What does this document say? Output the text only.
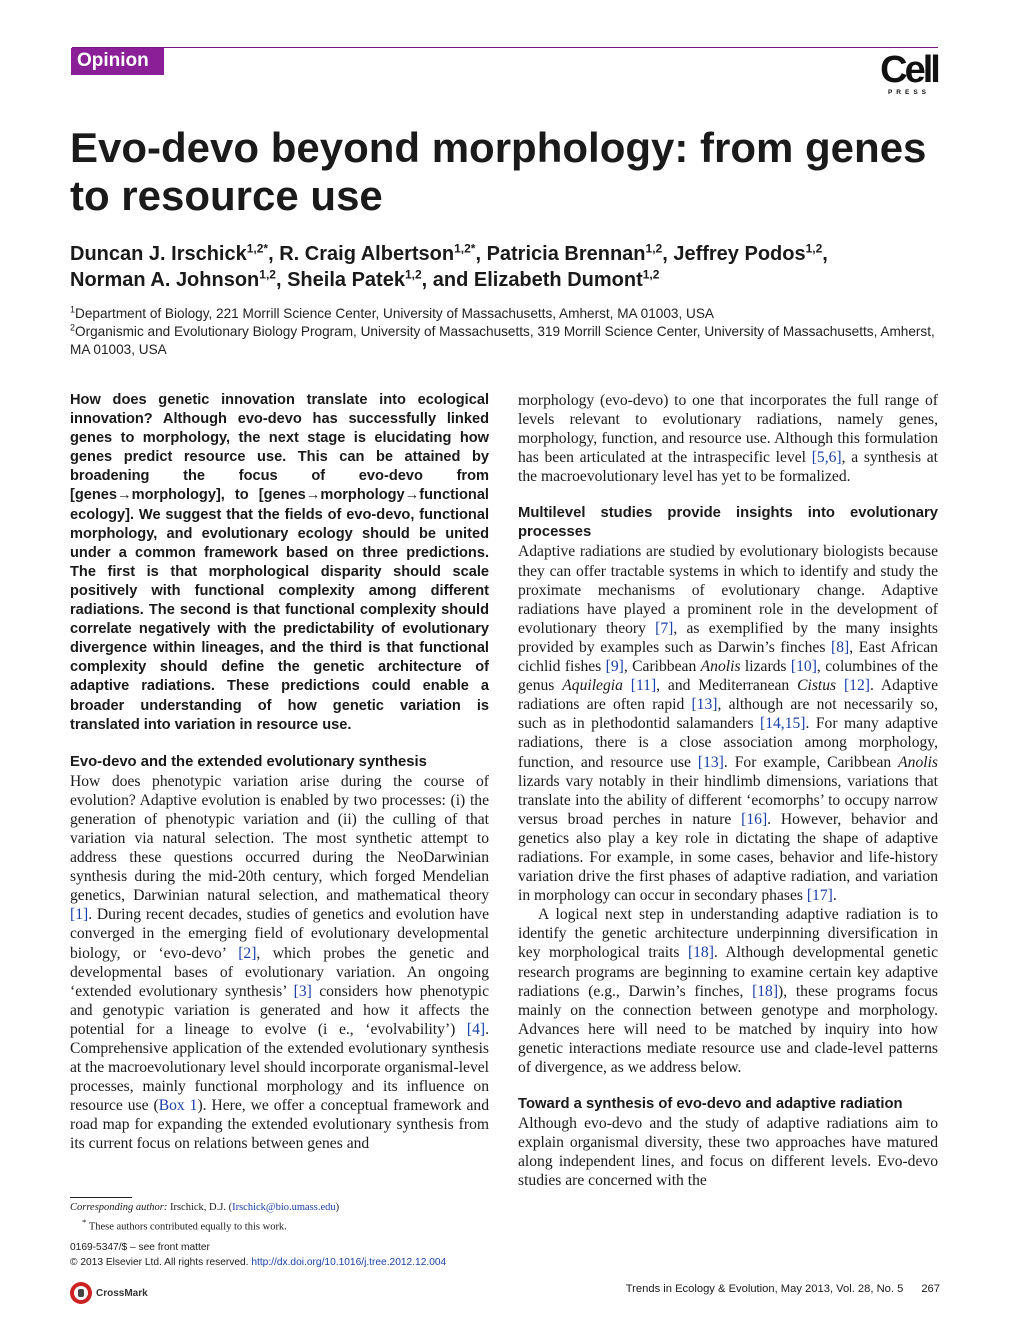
Opinion	Cell
PRESS
Evo-devo beyond morphology: from genes to resource use

Duncan J. Irschick$^{1,2*}$, R. Craig Albertson$^{1,2*}$, Patricia Brennan$^{1,2}$, Jeffrey Podos$^{1,2}$,
Norman A. Johnson$^{1,2}$, Sheila Patek$^{1,2}$, and Elizabeth Dumont$^{1,2}$

$^1$Department of Biology, 221 Morrill Science Center, University of Massachusetts, Amherst, MA 01003, USA
$^2$Organismic and Evolutionary Biology Program, University of Massachusetts, 319 Morrill Science Center, University of Massachusetts, Amherst, MA 01003, USA

How does genetic innovation translate into ecological innovation? Although evo-devo has successfully linked genes to morphology, the next stage is elucidating how genes predict resource use. This can be attained by broadening the focus of evo-devo from [genes→morphology], to [genes→morphology→functional ecology]. We suggest that the fields of evo-devo, functional morphology, and evolutionary ecology should be united under a common framework based on three predictions. The first is that morphological disparity should scale positively with functional complexity among different radiations. The second is that functional complexity should correlate negatively with the predictability of evolutionary divergence within lineages, and the third is that functional complexity should define the genetic architecture of adaptive radiations. These predictions could enable a broader understanding of how genetic variation is translated into variation in resource use.

Evo-devo and the extended evolutionary synthesis

How does phenotypic variation arise during the course of evolution? Adaptive evolution is enabled by two processes: (i) the generation of phenotypic variation and (ii) the culling of that variation via natural selection. The most synthetic attempt to address these questions occurred during the NeoDarwinian synthesis during the mid-20th century, which forged Mendelian genetics, Darwinian natural selection, and mathematical theory [1]. During recent decades, studies of genetics and evolution have converged in the emerging field of evolutionary developmental biology, or ‘evo-devo’ [2], which probes the genetic and developmental bases of evolutionary variation. An ongoing ‘extended evolutionary synthesis’ [3] considers how phenotypic and genotypic variation is generated and how it affects the potential for a lineage to evolve (i e., ‘evolvability’) [4]. Comprehensive application of the extended evolutionary synthesis at the macroevolutionary level should incorporate organismal-level processes, mainly functional morphology and its influence on resource use (Box 1). Here, we offer a conceptual framework and road map for expanding the extended evolutionary synthesis from its current focus on relations between genes and

morphology (evo-devo) to one that incorporates the full range of levels relevant to evolutionary radiations, namely genes, morphology, function, and resource use. Although this formulation has been articulated at the intraspecific level [5,6], a synthesis at the macroevolutionary level has yet to be formalized.

Multilevel studies provide insights into evolutionary processes

Adaptive radiations are studied by evolutionary biologists because they can offer tractable systems in which to identify and study the proximate mechanisms of evolutionary change. Adaptive radiations have played a prominent role in the development of evolutionary theory [7], as exemplified by the many insights provided by examples such as Darwin’s finches [8], East African cichlid fishes [9], Caribbean Anolis lizards [10], columbines of the genus Aquilegia [11], and Mediterranean Cistus [12]. Adaptive radiations are often rapid [13], although are not necessarily so, such as in plethodontid salamanders [14,15]. For many adaptive radiations, there is a close association among morphology, function, and resource use [13]. For example, Caribbean Anolis lizards vary notably in their hindlimb dimensions, variations that translate into the ability of different ‘ecomorphs’ to occupy narrow versus broad perches in nature [16]. However, behavior and genetics also play a key role in dictating the shape of adaptive radiations. For example, in some cases, behavior and life-history variation drive the first phases of adaptive radiation, and variation in morphology can occur in secondary phases [17].

A logical next step in understanding adaptive radiation is to identify the genetic architecture underpinning diversification in key morphological traits [18]. Although developmental genetic research programs are beginning to examine certain key adaptive radiations (e.g., Darwin’s finches, [18]), these programs focus mainly on the connection between genotype and morphology. Advances here will need to be matched by inquiry into how genetic interactions mediate resource use and clade-level patterns of divergence, as we address below.

Toward a synthesis of evo-devo and adaptive radiation

Although evo-devo and the study of adaptive radiations aim to explain organismal diversity, these two approaches have matured along independent lines, and focus on different levels. Evo-devo studies are concerned with the

Corresponding author: Irschick, D.J. (Irschick@bio.umass.edu)
* These authors contributed equally to this work.
0169-5347/$ – see front matter
© 2013 Elsevier Ltd. All rights reserved. http://dx.doi.org/10.1016/j.tree.2012.12.004
CrossMark	Trends in Ecology & Evolution, May 2013, Vol. 28, No. 5 267
